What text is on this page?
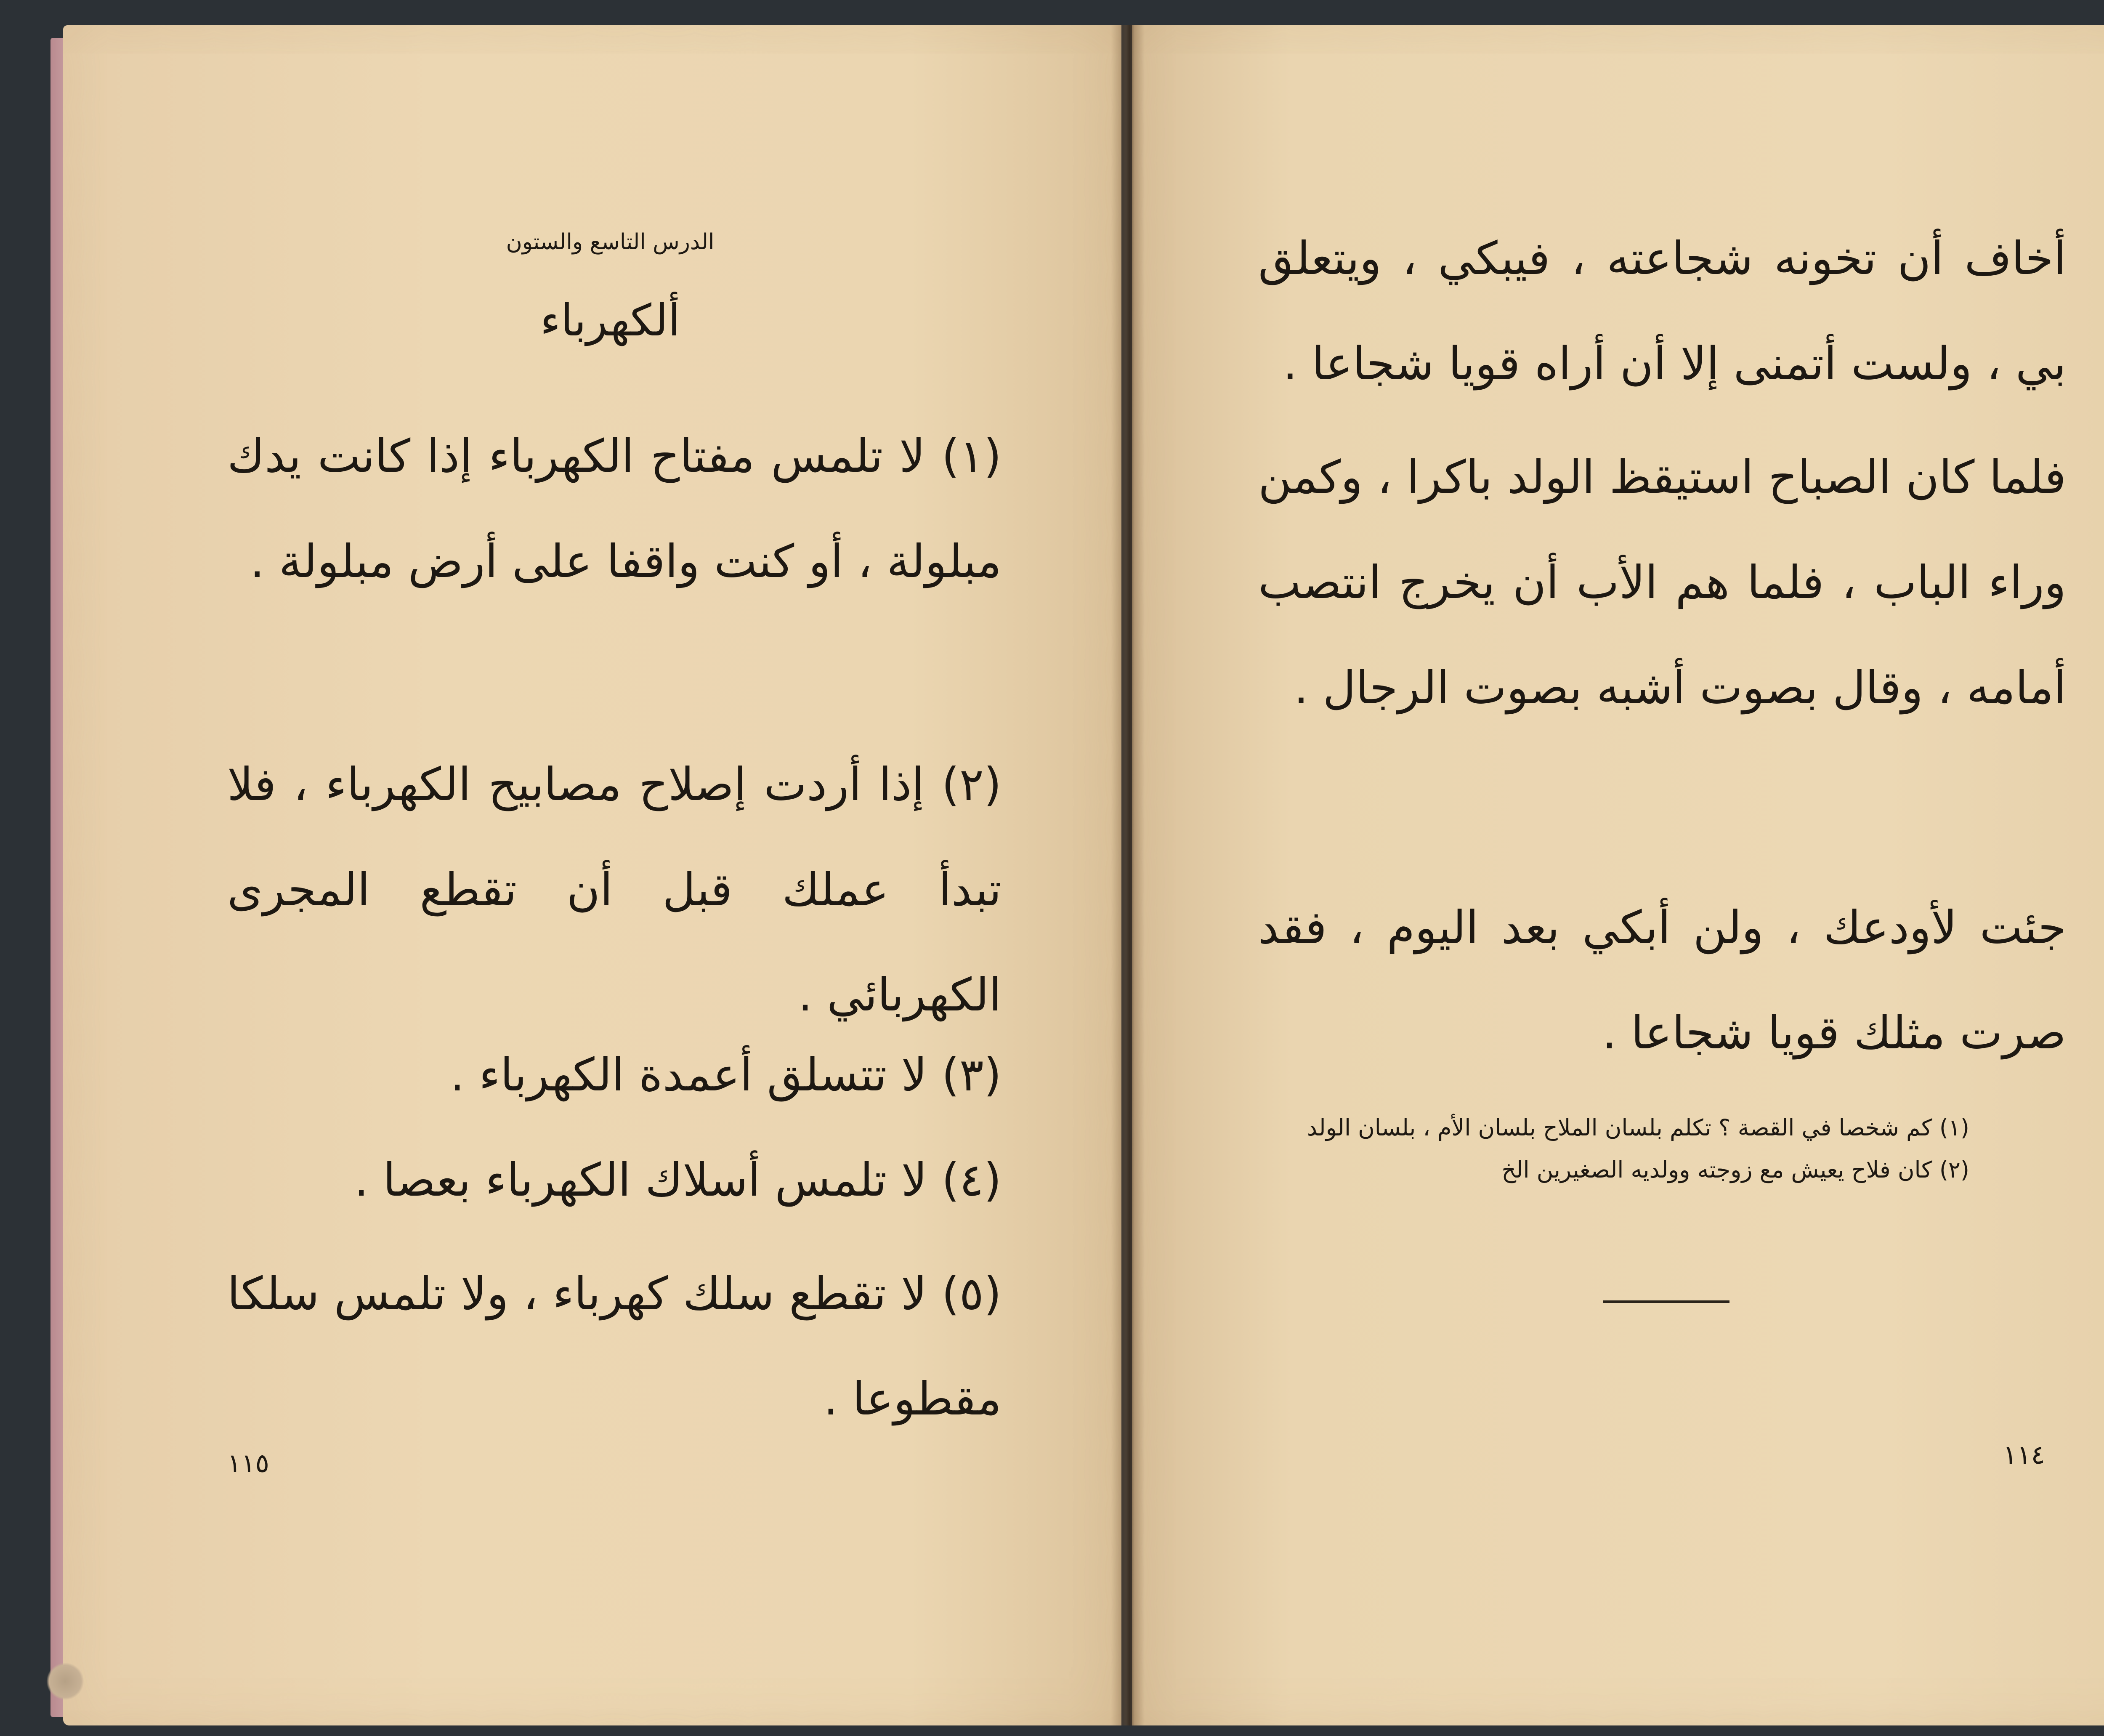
الدرس التاسع والستون
ألكهرباء
(١) لا تلمس مفتاح الكهرباء إذا كانت يدك مبلولة ، أو كنت واقفا على أرض مبلولة .
(٢) إذا أردت إصلاح مصابيح الكهرباء ، فلا تبدأ عملك قبل أن تقطع المجرى الكهربائي .
(٣) لا تتسلق أعمدة الكهرباء .
(٤) لا تلمس أسلاك الكهرباء بعصا .
(٥) لا تقطع سلك كهرباء ، ولا تلمس سلكا مقطوعا .
١١٥
أخاف أن تخونه شجاعته ، فيبكي ، ويتعلق بي ، ولست أتمنى إلا أن أراه قويا شجاعا .
فلما كان الصباح استيقظ الولد باكرا ، وكمن وراء الباب ، فلما هم الأب أن يخرج انتصب أمامه ، وقال بصوت أشبه بصوت الرجال .
جئت لأودعك ، ولن أبكي بعد اليوم ، فقد صرت مثلك قويا شجاعا .
(١) كم شخصا في القصة ؟ تكلم بلسان الملاح بلسان الأم ، بلسان الولد
(٢) كان فلاح يعيش مع زوجته وولديه الصغيرين الخ
١١٤
